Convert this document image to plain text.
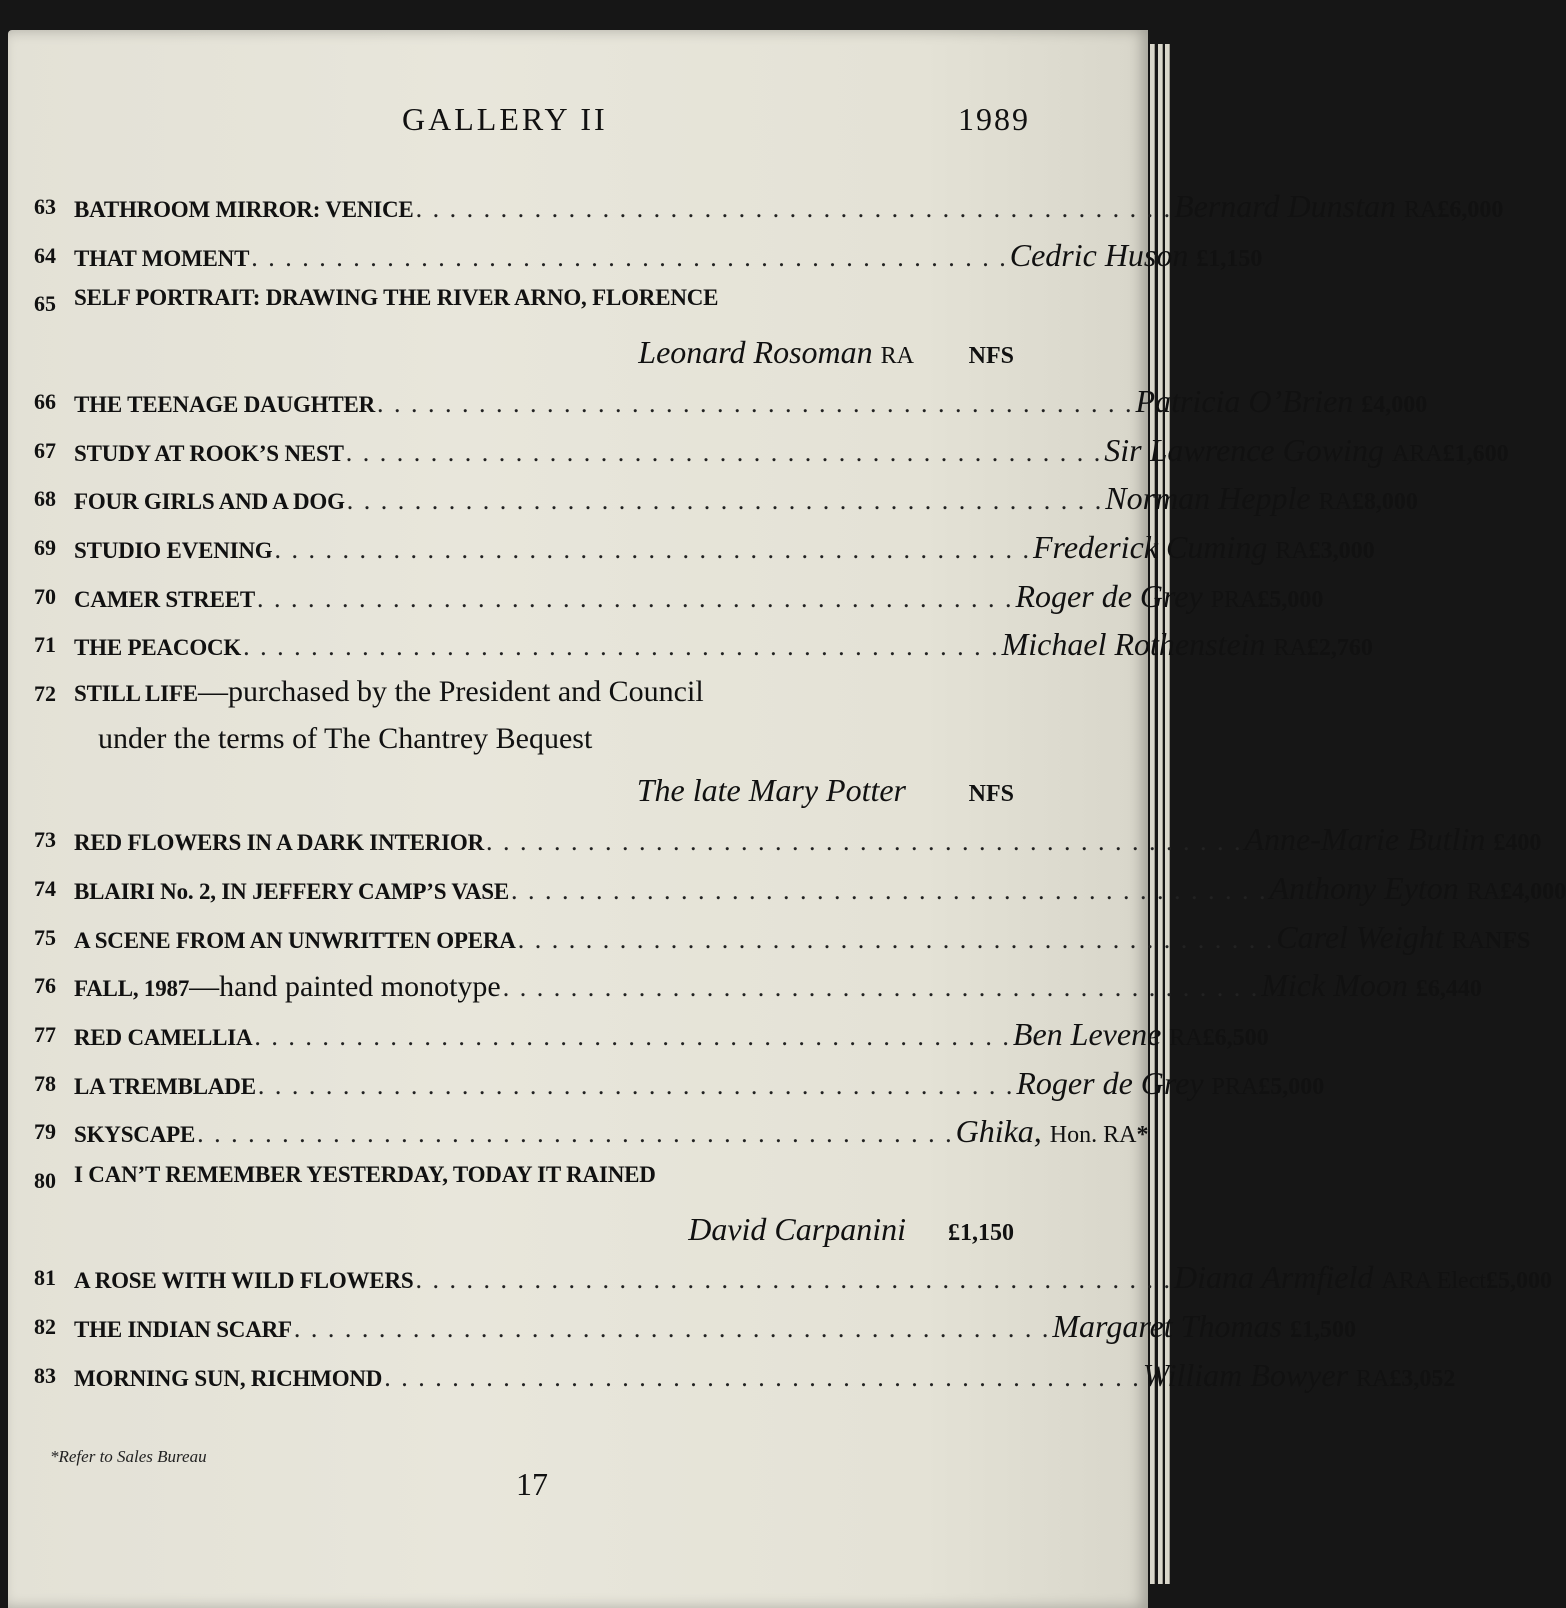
GALLERY II	1989
63 BATHROOM MIRROR: VENICE . . . . . . . . . . . . . . . . . . . . . . . . . . . . . . . . . . . . . . . . . . . . . Bernard Dunstan RA £6,000
64 THAT MOMENT . . . . . . . . . . . . . . . . . . . . . . . . . . . . . . . . . . . . . . . . . . . . . Cedric Huson £1,150
65 SELF PORTRAIT: DRAWING THE RIVER ARNO, FLORENCE
Leonard Rosoman RA	NFS
66 THE TEENAGE DAUGHTER . . . . . . . . . . . . . . . . . . . . . . . . . . . . . . . . . . . . . . . . . . . . . Patricia O’Brien £4,000
67 STUDY AT ROOK’S NEST . . . . . . . . . . . . . . . . . . . . . . . . . . . . . . . . . . . . . . . . . . . . . Sir Lawrence Gowing ARA £1,600
68 FOUR GIRLS AND A DOG . . . . . . . . . . . . . . . . . . . . . . . . . . . . . . . . . . . . . . . . . . . . . Norman Hepple RA £8,000
69 STUDIO EVENING . . . . . . . . . . . . . . . . . . . . . . . . . . . . . . . . . . . . . . . . . . . . . Frederick Cuming RA £3,000
70 CAMER STREET . . . . . . . . . . . . . . . . . . . . . . . . . . . . . . . . . . . . . . . . . . . . . Roger de Grey PRA £5,000
71 THE PEACOCK . . . . . . . . . . . . . . . . . . . . . . . . . . . . . . . . . . . . . . . . . . . . . Michael Rothenstein RA £2,760
72 STILL LIFE —purchased by the President and Council
under the terms of The Chantrey Bequest
The late Mary Potter	NFS
73 RED FLOWERS IN A DARK INTERIOR . . . . . . . . . . . . . . . . . . . . . . . . . . . . . . . . . . . . . . . . . . . . . Anne-Marie Butlin £400
74 BLAIRI No. 2, IN JEFFERY CAMP’S VASE . . . . . . . . . . . . . . . . . . . . . . . . . . . . . . . . . . . . . . . . . . . . . Anthony Eyton RA £4,000
75 A SCENE FROM AN UNWRITTEN OPERA . . . . . . . . . . . . . . . . . . . . . . . . . . . . . . . . . . . . . . . . . . . . . Carel Weight RA NFS
76 FALL, 1987 —hand painted monotype . . . . . . . . . . . . . . . . . . . . . . . . . . . . . . . . . . . . . . . . . . . . . Mick Moon £6,440
77 RED CAMELLIA . . . . . . . . . . . . . . . . . . . . . . . . . . . . . . . . . . . . . . . . . . . . . Ben Levene RA £6,500
78 LA TREMBLADE . . . . . . . . . . . . . . . . . . . . . . . . . . . . . . . . . . . . . . . . . . . . . Roger de Grey PRA £5,000
79 SKYSCAPE . . . . . . . . . . . . . . . . . . . . . . . . . . . . . . . . . . . . . . . . . . . . . Ghika, Hon. RA *
80 I CAN’T REMEMBER YESTERDAY, TODAY IT RAINED
David Carpanini	£1,150
81 A ROSE WITH WILD FLOWERS . . . . . . . . . . . . . . . . . . . . . . . . . . . . . . . . . . . . . . . . . . . . . Diana Armfield ARA Elect £5,000
82 THE INDIAN SCARF . . . . . . . . . . . . . . . . . . . . . . . . . . . . . . . . . . . . . . . . . . . . . Margaret Thomas £1,500
83 MORNING SUN, RICHMOND . . . . . . . . . . . . . . . . . . . . . . . . . . . . . . . . . . . . . . . . . . . . . William Bowyer RA £3,052
*Refer to Sales Bureau
17
